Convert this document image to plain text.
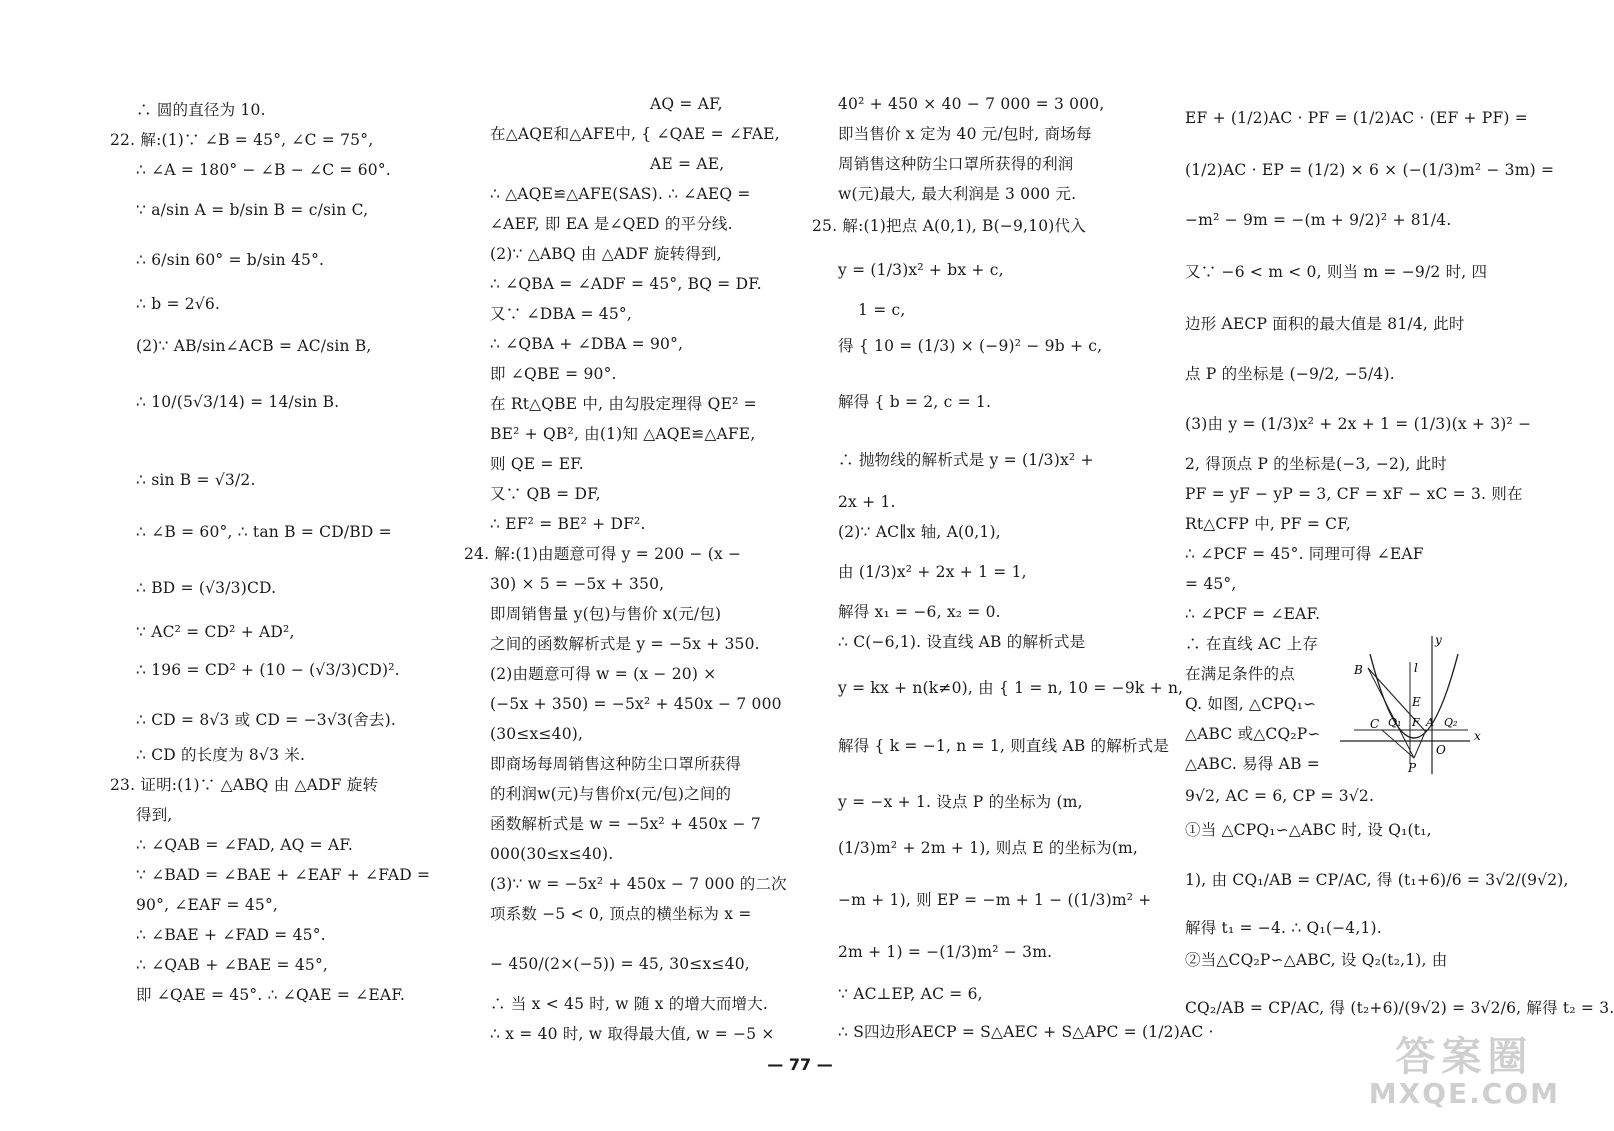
∴ 圆的直径为 10.
22. 解:(1)∵ ∠B = 45°, ∠C = 75°,
∴ ∠A = 180° − ∠B − ∠C = 60°.
∵ a/sin A = b/sin B = c/sin C,
∴ 6/sin 60° = b/sin 45°.
∴ b = 2√6.
(2)∵ AB/sin∠ACB = AC/sin B,
∴ 10/(5√3/14) = 14/sin B.
∴ sin B = √3/2.
∴ ∠B = 60°, ∴ tan B = CD/BD =
∴ BD = (√3/3)CD.
∵ AC² = CD² + AD²,
∴ 196 = CD² + (10 − (√3/3)CD)².
∴ CD = 8√3 或 CD = −3√3(舍去).
∴ CD 的长度为 8√3 米.
23. 证明:(1)∵ △ABQ 由 △ADF 旋转
得到,
∴ ∠QAB = ∠FAD, AQ = AF.
∵ ∠BAD = ∠BAE + ∠EAF + ∠FAD =
90°, ∠EAF = 45°,
∴ ∠BAE + ∠FAD = 45°.
∴ ∠QAB + ∠BAE = 45°,
即 ∠QAE = 45°. ∴ ∠QAE = ∠EAF.
AQ = AF,
在△AQE和△AFE中, { ∠QAE = ∠FAE,
AE = AE,
∴ △AQE≌△AFE(SAS). ∴ ∠AEQ =
∠AEF, 即 EA 是∠QED 的平分线.
(2)∵ △ABQ 由 △ADF 旋转得到,
∴ ∠QBA = ∠ADF = 45°, BQ = DF.
又∵ ∠DBA = 45°,
∴ ∠QBA + ∠DBA = 90°,
即 ∠QBE = 90°.
在 Rt△QBE 中, 由勾股定理得 QE² =
BE² + QB², 由(1)知 △AQE≌△AFE,
则 QE = EF.
又∵ QB = DF,
∴ EF² = BE² + DF².
24. 解:(1)由题意可得 y = 200 − (x −
30) × 5 = −5x + 350,
即周销售量 y(包)与售价 x(元/包)
之间的函数解析式是 y = −5x + 350.
(2)由题意可得 w = (x − 20) ×
(−5x + 350) = −5x² + 450x − 7 000
(30≤x≤40),
即商场每周销售这种防尘口罩所获得
的利润w(元)与售价x(元/包)之间的
函数解析式是 w = −5x² + 450x − 7
000(30≤x≤40).
(3)∵ w = −5x² + 450x − 7 000 的二次
项系数 −5 < 0, 顶点的横坐标为 x =
− 450/(2×(−5)) = 45, 30≤x≤40,
∴ 当 x < 45 时, w 随 x 的增大而增大.
∴ x = 40 时, w 取得最大值, w = −5 ×
40² + 450 × 40 − 7 000 = 3 000,
即当售价 x 定为 40 元/包时, 商场每
周销售这种防尘口罩所获得的利润
w(元)最大, 最大利润是 3 000 元.
25. 解:(1)把点 A(0,1), B(−9,10)代入
y = (1/3)x² + bx + c,
1 = c,
得 { 10 = (1/3) × (−9)² − 9b + c,
解得 { b = 2, c = 1.
∴ 抛物线的解析式是 y = (1/3)x² +
2x + 1.
(2)∵ AC∥x 轴, A(0,1),
由 (1/3)x² + 2x + 1 = 1,
解得 x₁ = −6, x₂ = 0.
∴ C(−6,1). 设直线 AB 的解析式是
y = kx + n(k≠0), 由 { 1 = n, 10 = −9k + n,
解得 { k = −1, n = 1, 则直线 AB 的解析式是
y = −x + 1. 设点 P 的坐标为 (m,
(1/3)m² + 2m + 1), 则点 E 的坐标为(m,
−m + 1), 则 EP = −m + 1 − ((1/3)m² +
2m + 1) = −(1/3)m² − 3m.
∵ AC⊥EP, AC = 6,
∴ S四边形AECP = S△AEC + S△APC = (1/2)AC ·
EF + (1/2)AC · PF = (1/2)AC · (EF + PF) =
(1/2)AC · EP = (1/2) × 6 × (−(1/3)m² − 3m) =
−m² − 9m = −(m + 9/2)² + 81/4.
又∵ −6 < m < 0, 则当 m = −9/2 时, 四
边形 AECP 面积的最大值是 81/4, 此时
点 P 的坐标是 (−9/2, −5/4).
(3)由 y = (1/3)x² + 2x + 1 = (1/3)(x + 3)² −
2, 得顶点 P 的坐标是(−3, −2), 此时
PF = yF − yP = 3, CF = xF − xC = 3. 则在
Rt△CFP 中, PF = CF,
∴ ∠PCF = 45°. 同理可得 ∠EAF
= 45°,
∴ ∠PCF = ∠EAF.
∴ 在直线 AC 上存
在满足条件的点
Q. 如图, △CPQ₁∽
△ABC 或△CQ₂P∽
△ABC. 易得 AB =
9√2, AC = 6, CP = 3√2.
①当 △CPQ₁∽△ABC 时, 设 Q₁(t₁,
1), 由 CQ₁/AB = CP/AC, 得 (t₁+6)/6 = 3√2/(9√2),
解得 t₁ = −4. ∴ Q₁(−4,1).
②当△CQ₂P∽△ABC, 设 Q₂(t₂,1), 由
CQ₂/AB = CP/AC, 得 (t₂+6)/(9√2) = 3√2/6, 解得 t₂ = 3.
x
y
B	l
E
C Q₁ F A Q₂
O
P
— 77 —	答案圈
MXQE.COM
